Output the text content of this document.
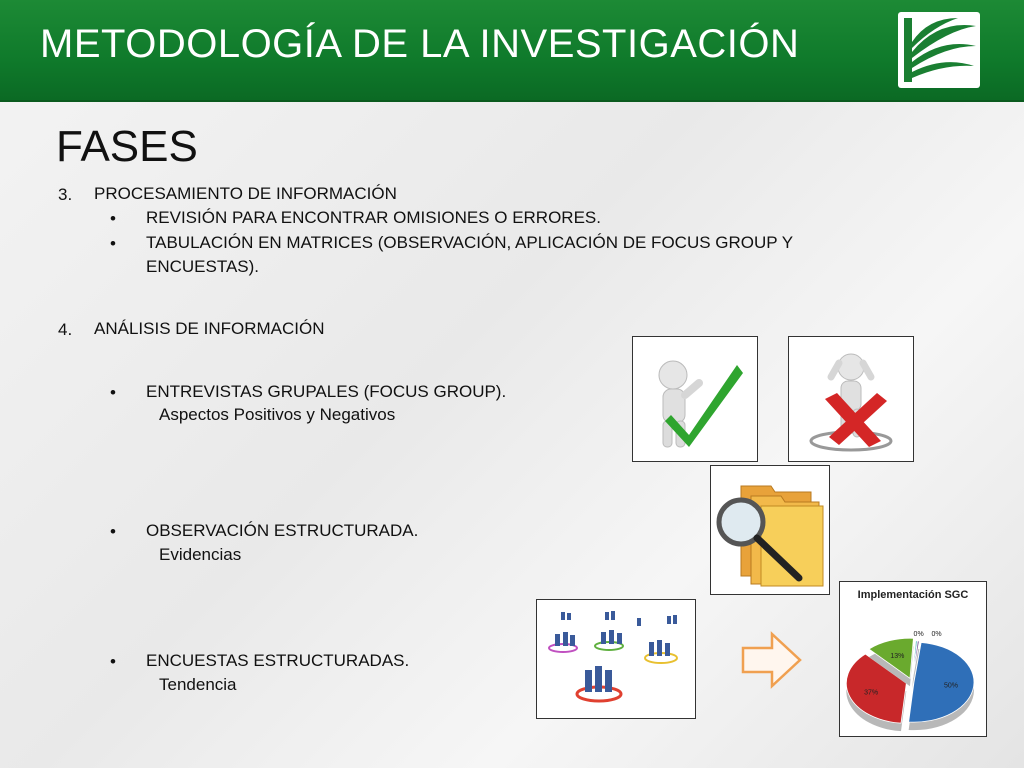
METODOLOGÍA DE LA INVESTIGACIÓN
FASES
3. PROCESAMIENTO DE INFORMACIÓN
• REVISIÓN PARA ENCONTRAR OMISIONES O ERRORES.
• TABULACIÓN EN MATRICES (OBSERVACIÓN, APLICACIÓN DE FOCUS GROUP Y
ENCUESTAS).
4. ANÁLISIS DE INFORMACIÓN
• ENTREVISTAS GRUPALES (FOCUS GROUP).
Aspectos Positivos y Negativos
• OBSERVACIÓN ESTRUCTURADA.
Evidencias
• ENCUESTAS ESTRUCTURADAS.
Tendencia
Implementación SGC
50%
37%
13%
0% 0%
